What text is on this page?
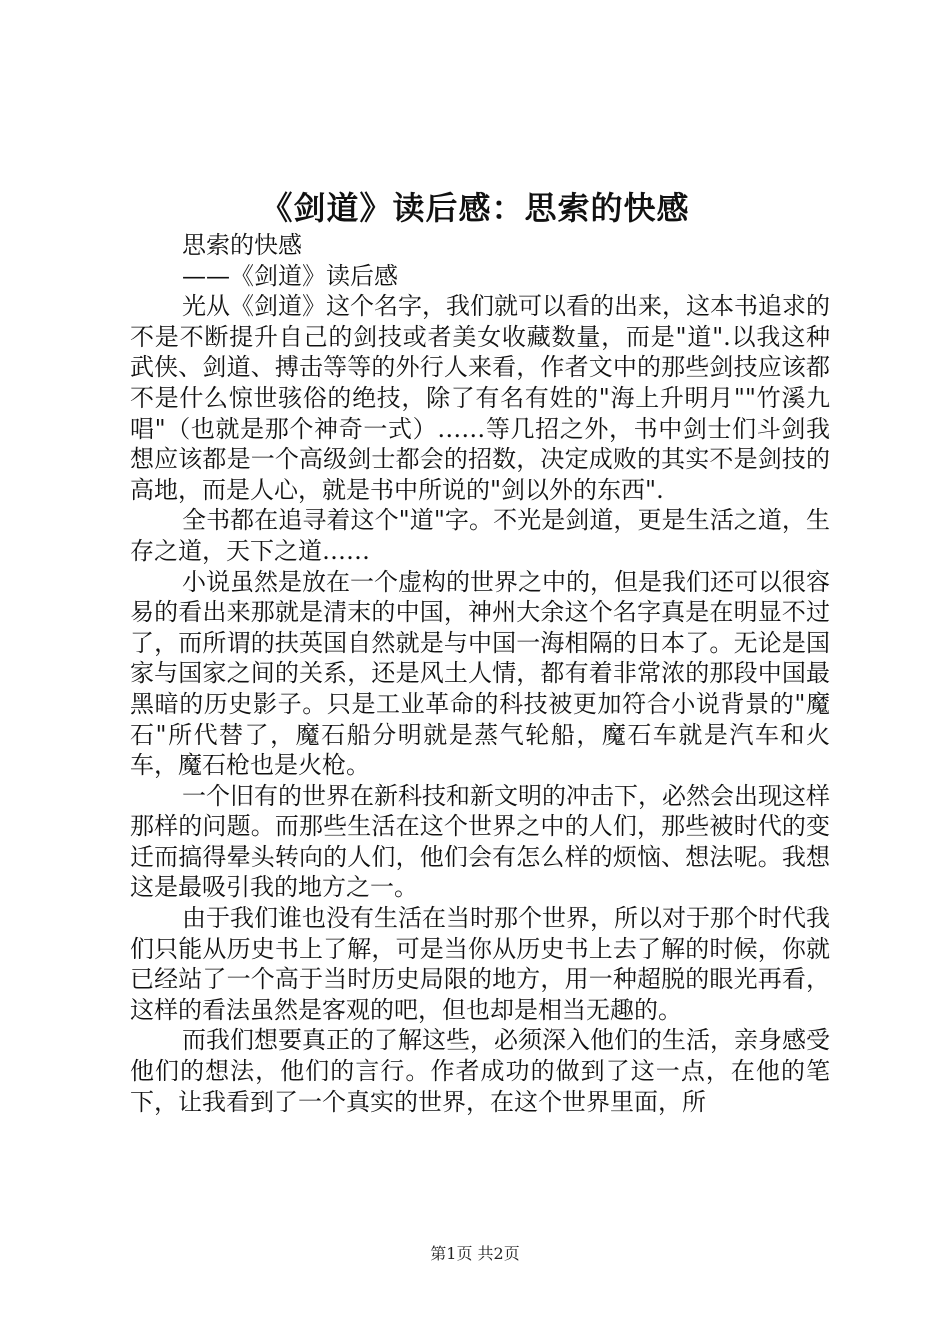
《剑道》读后感：思索的快感

思索的快感

——《剑道》读后感

光从《剑道》这个名字，我们就可以看的出来，这本书追求的不是不断提升自己的剑技或者美女收藏数量，而是"道".以我这种武侠、剑道、搏击等等的外行人来看，作者文中的那些剑技应该都不是什么惊世骇俗的绝技，除了有名有姓的"海上升明月""竹溪九唱"（也就是那个神奇一式）……等几招之外，书中剑士们斗剑我想应该都是一个高级剑士都会的招数，决定成败的其实不是剑技的高地，而是人心，就是书中所说的"剑以外的东西".

全书都在追寻着这个"道"字。不光是剑道，更是生活之道，生存之道，天下之道……

小说虽然是放在一个虚构的世界之中的，但是我们还可以很容易的看出来那就是清末的中国，神州大余这个名字真是在明显不过了，而所谓的扶英国自然就是与中国一海相隔的日本了。无论是国家与国家之间的关系，还是风土人情，都有着非常浓的那段中国最黑暗的历史影子。只是工业革命的科技被更加符合小说背景的"魔石"所代替了，魔石船分明就是蒸气轮船，魔石车就是汽车和火车，魔石枪也是火枪。

一个旧有的世界在新科技和新文明的冲击下，必然会出现这样那样的问题。而那些生活在这个世界之中的人们，那些被时代的变迁而搞得晕头转向的人们，他们会有怎么样的烦恼、想法呢。我想这是最吸引我的地方之一。

由于我们谁也没有生活在当时那个世界，所以对于那个时代我们只能从历史书上了解，可是当你从历史书上去了解的时候，你就已经站了一个高于当时历史局限的地方，用一种超脱的眼光再看，这样的看法虽然是客观的吧，但也却是相当无趣的。

而我们想要真正的了解这些，必须深入他们的生活，亲身感受他们的想法，他们的言行。作者成功的做到了这一点，在他的笔下，让我看到了一个真实的世界，在这个世界里面，所

第1页 共2页
